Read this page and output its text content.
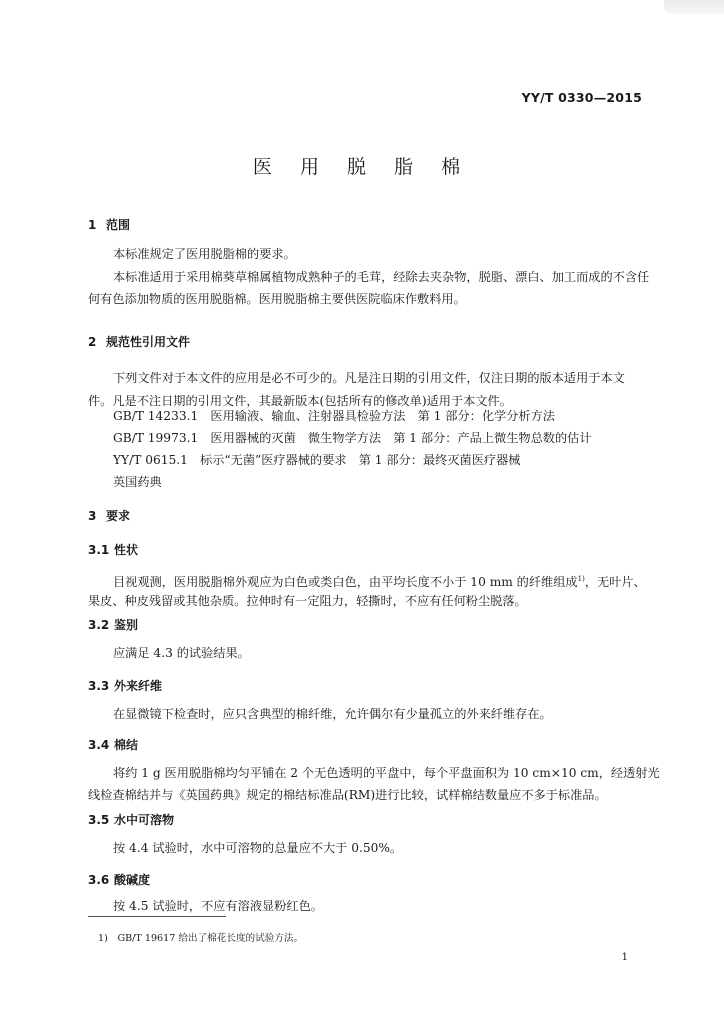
YY/T 0330—2015
医 用 脱 脂 棉
1 范围
本标准规定了医用脱脂棉的要求。
本标准适用于采用棉葵草棉属植物成熟种子的毛茸，经除去夹杂物，脱脂、漂白、加工而成的不含任
何有色添加物质的医用脱脂棉。医用脱脂棉主要供医院临床作敷料用。
2 规范性引用文件
下列文件对于本文件的应用是必不可少的。凡是注日期的引用文件，仅注日期的版本适用于本文
件。凡是不注日期的引用文件，其最新版本(包括所有的修改单)适用于本文件。
GB/T 14233.1　医用输液、输血、注射器具检验方法　第 1 部分：化学分析方法
GB/T 19973.1　医用器械的灭菌　微生物学方法　第 1 部分：产品上微生物总数的估计
YY/T 0615.1　标示“无菌”医疗器械的要求　第 1 部分：最终灭菌医疗器械
英国药典
3 要求
3.1 性状
目视观测，医用脱脂棉外观应为白色或类白色，由平均长度不小于 10 mm 的纤维组成$^{1)}$，无叶片、
果皮、种皮残留或其他杂质。拉伸时有一定阻力，轻撕时，不应有任何粉尘脱落。
3.2 鉴别
应满足 4.3 的试验结果。
3.3 外来纤维
在显微镜下检查时，应只含典型的棉纤维，允许偶尔有少量孤立的外来纤维存在。
3.4 棉结
将约 1 g 医用脱脂棉均匀平铺在 2 个无色透明的平盘中，每个平盘面积为 10 cm×10 cm，经透射光
线检查棉结并与《英国药典》规定的棉结标准品(RM)进行比较，试样棉结数量应不多于标准品。
3.5 水中可溶物
按 4.4 试验时，水中可溶物的总量应不大于 0.50%。
3.6 酸碱度
按 4.5 试验时，不应有溶液显粉红色。
1)　GB/T 19617 给出了棉花长度的试验方法。
1
